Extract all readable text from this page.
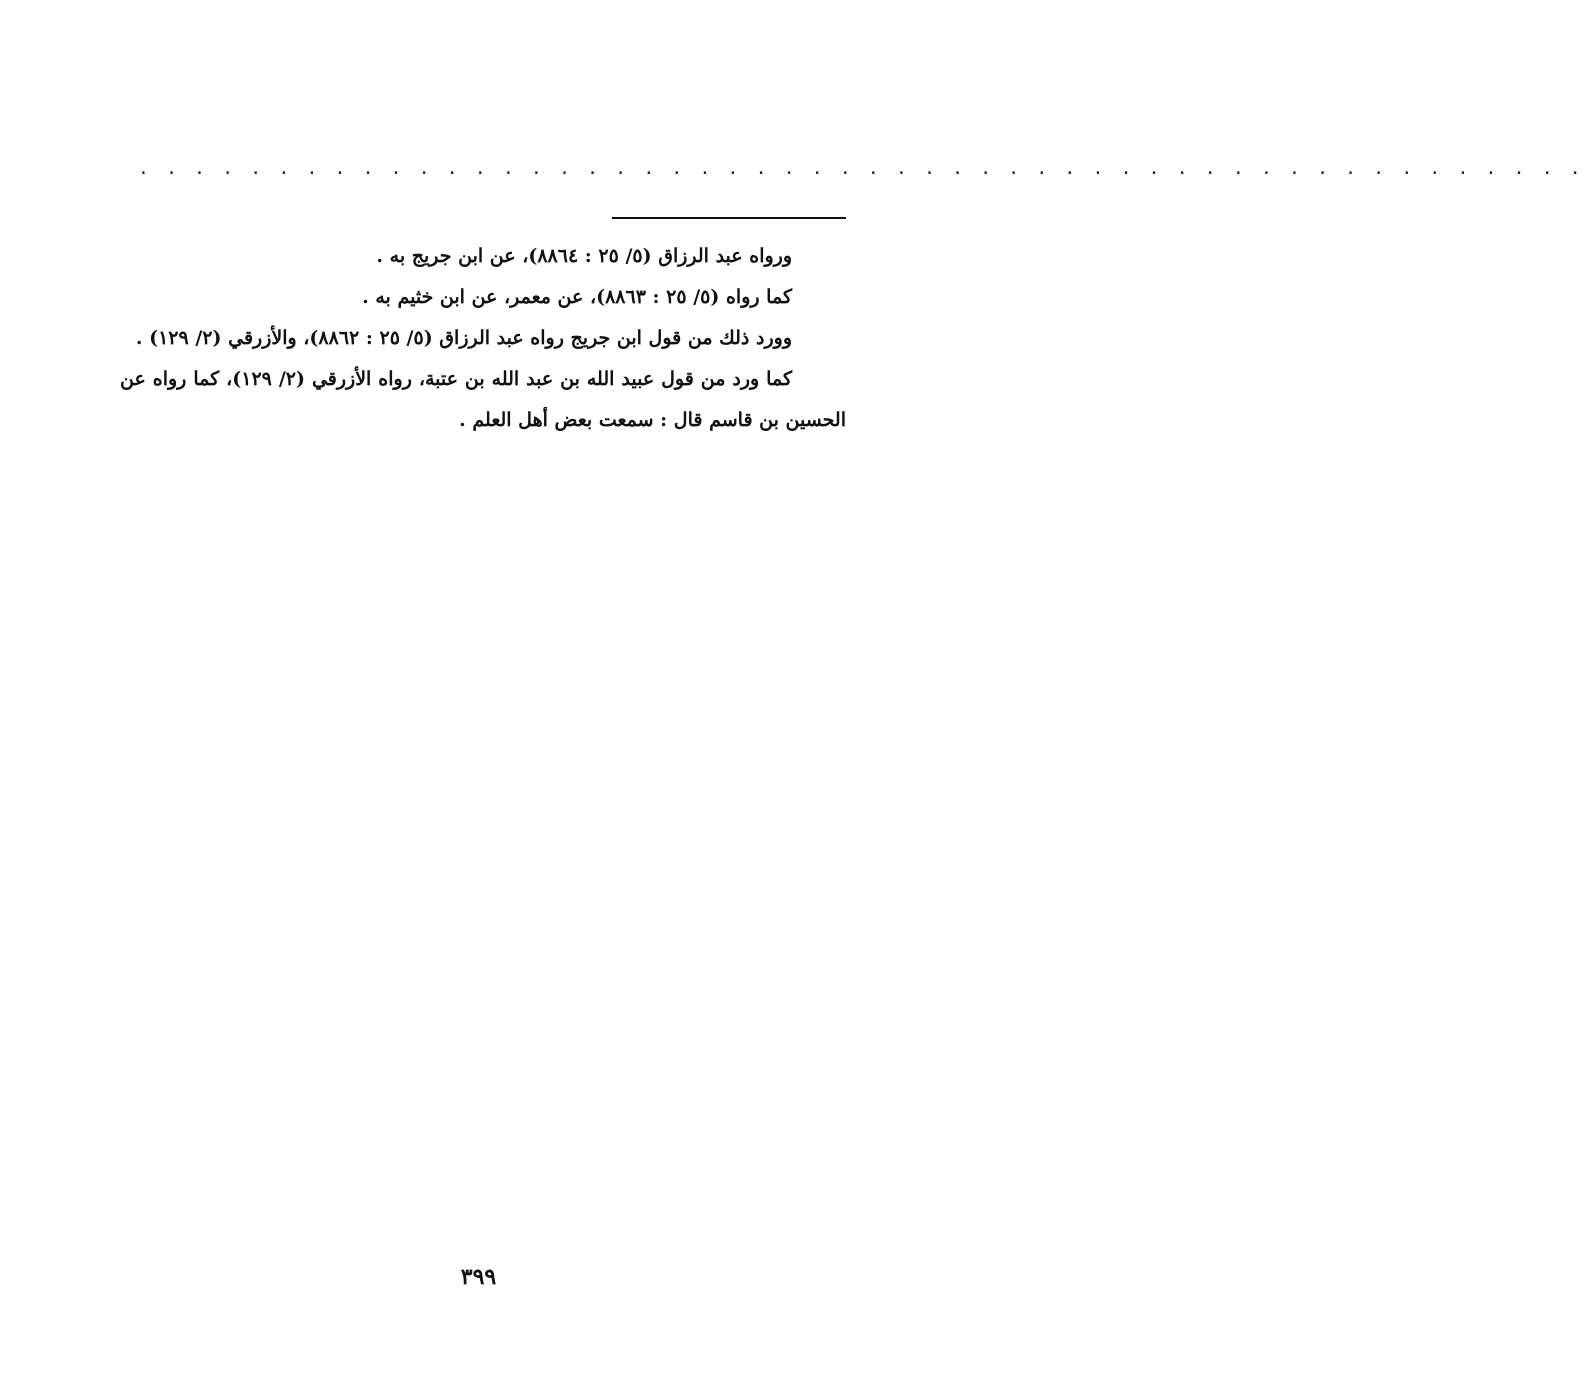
. . . . . . . . . . . . . . . . . . . . . . . . . . . . . . . . . . . . . . . . . . . . . . . . . . . .

ورواه عبد الرزاق (٥/ ٢٥ : ٨٨٦٤)، عن ابن جريج به .

كما رواه (٥/ ٢٥ : ٨٨٦٣)، عن معمر، عن ابن خثيم به .

وورد ذلك من قول ابن جريج رواه عبد الرزاق (٥/ ٢٥ : ٨٨٦٢)، والأزرقي (٢/ ١٢٩) .

كما ورد من قول عبيد الله بن عبد الله بن عتبة، رواه الأزرقي (٢/ ١٢٩)، كما رواه عن الحسين بن قاسم قال : سمعت بعض أهل العلم .

٣٩٩
